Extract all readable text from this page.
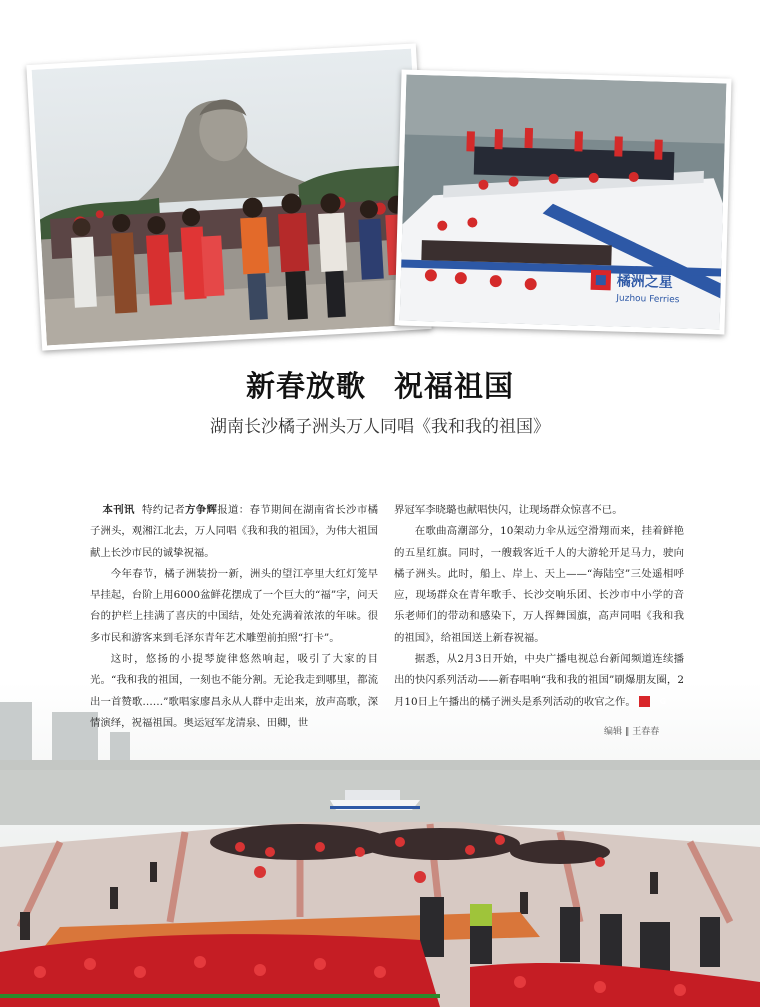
橘洲之星
Juzhou Ferries
新春放歌 祝福祖国
湖南长沙橘子洲头万人同唱《我和我的祖国》

本刊讯 特约记者方争辉报道：春节期间在湖南省长沙市橘子洲头，观湘江北去，万人同唱《我和我的祖国》，为伟大祖国献上长沙市民的诚挚祝福。

今年春节，橘子洲装扮一新，洲头的望江亭里大红灯笼早早挂起，台阶上用6000盆鲜花摆成了一个巨大的“福”字，问天台的护栏上挂满了喜庆的中国结，处处充满着浓浓的年味。很多市民和游客来到毛泽东青年艺术雕塑前拍照“打卡”。

这时，悠扬的小提琴旋律悠然响起，吸引了大家的目光。“我和我的祖国，一刻也不能分割。无论我走到哪里，都流出一首赞歌……”歌唱家廖昌永从人群中走出来，放声高歌，深情演绎，祝福祖国。奥运冠军龙清泉、田卿，世

界冠军李晓璐也献唱快闪，让现场群众惊喜不已。

在歌曲高潮部分，10架动力伞从远空滑翔而来，挂着鲜艳的五星红旗。同时，一艘载客近千人的大游轮开足马力，驶向橘子洲头。此时，船上、岸上、天上——“海陆空”三处遥相呼应，现场群众在青年歌手、长沙交响乐团、长沙市中小学的音乐老师们的带动和感染下，万人挥舞国旗，高声同唱《我和我的祖国》，给祖国送上新春祝福。

据悉，从2月3日开始，中央广播电视总台新闻频道连续播出的快闪系列活动——新春唱响“我和我的祖国”刷爆朋友圈，2月10日上午播出的橘子洲头是系列活动的收官之作。	G

编辑 ‖ 王春春
